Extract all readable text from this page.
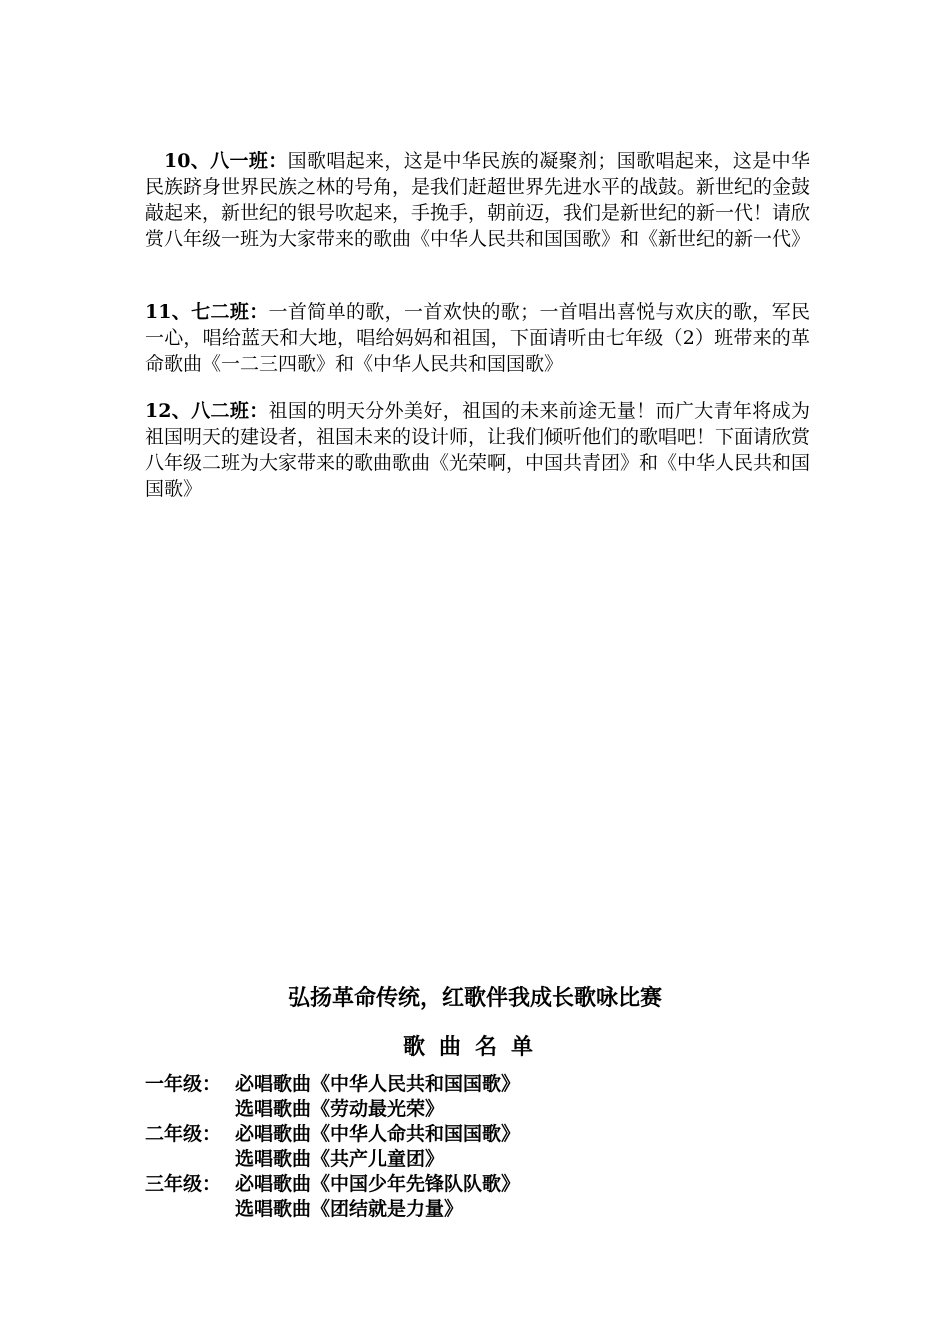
10、八一班：国歌唱起来，这是中华民族的凝聚剂；国歌唱起来，这是中华民族跻身世界民族之林的号角，是我们赶超世界先进水平的战鼓。新世纪的金鼓敲起来，新世纪的银号吹起来，手挽手，朝前迈，我们是新世纪的新一代！请欣赏八年级一班为大家带来的歌曲《中华人民共和国国歌》和《新世纪的新一代》

11、七二班：一首简单的歌，一首欢快的歌；一首唱出喜悦与欢庆的歌，军民一心，唱给蓝天和大地，唱给妈妈和祖国，下面请听由七年级（2）班带来的革命歌曲《一二三四歌》和《中华人民共和国国歌》

12、八二班：祖国的明天分外美好，祖国的未来前途无量！而广大青年将成为祖国明天的建设者，祖国未来的设计师，让我们倾听他们的歌唱吧！下面请欣赏八年级二班为大家带来的歌曲歌曲《光荣啊，中国共青团》和《中华人民共和国国歌》

弘扬革命传统，红歌伴我成长歌咏比赛
歌曲名单
一年级： 必唱歌曲《中华人民共和国国歌》
选唱歌曲《劳动最光荣》
二年级： 必唱歌曲《中华人命共和国国歌》
选唱歌曲《共产儿童团》
三年级： 必唱歌曲《中国少年先锋队队歌》
选唱歌曲《团结就是力量》
